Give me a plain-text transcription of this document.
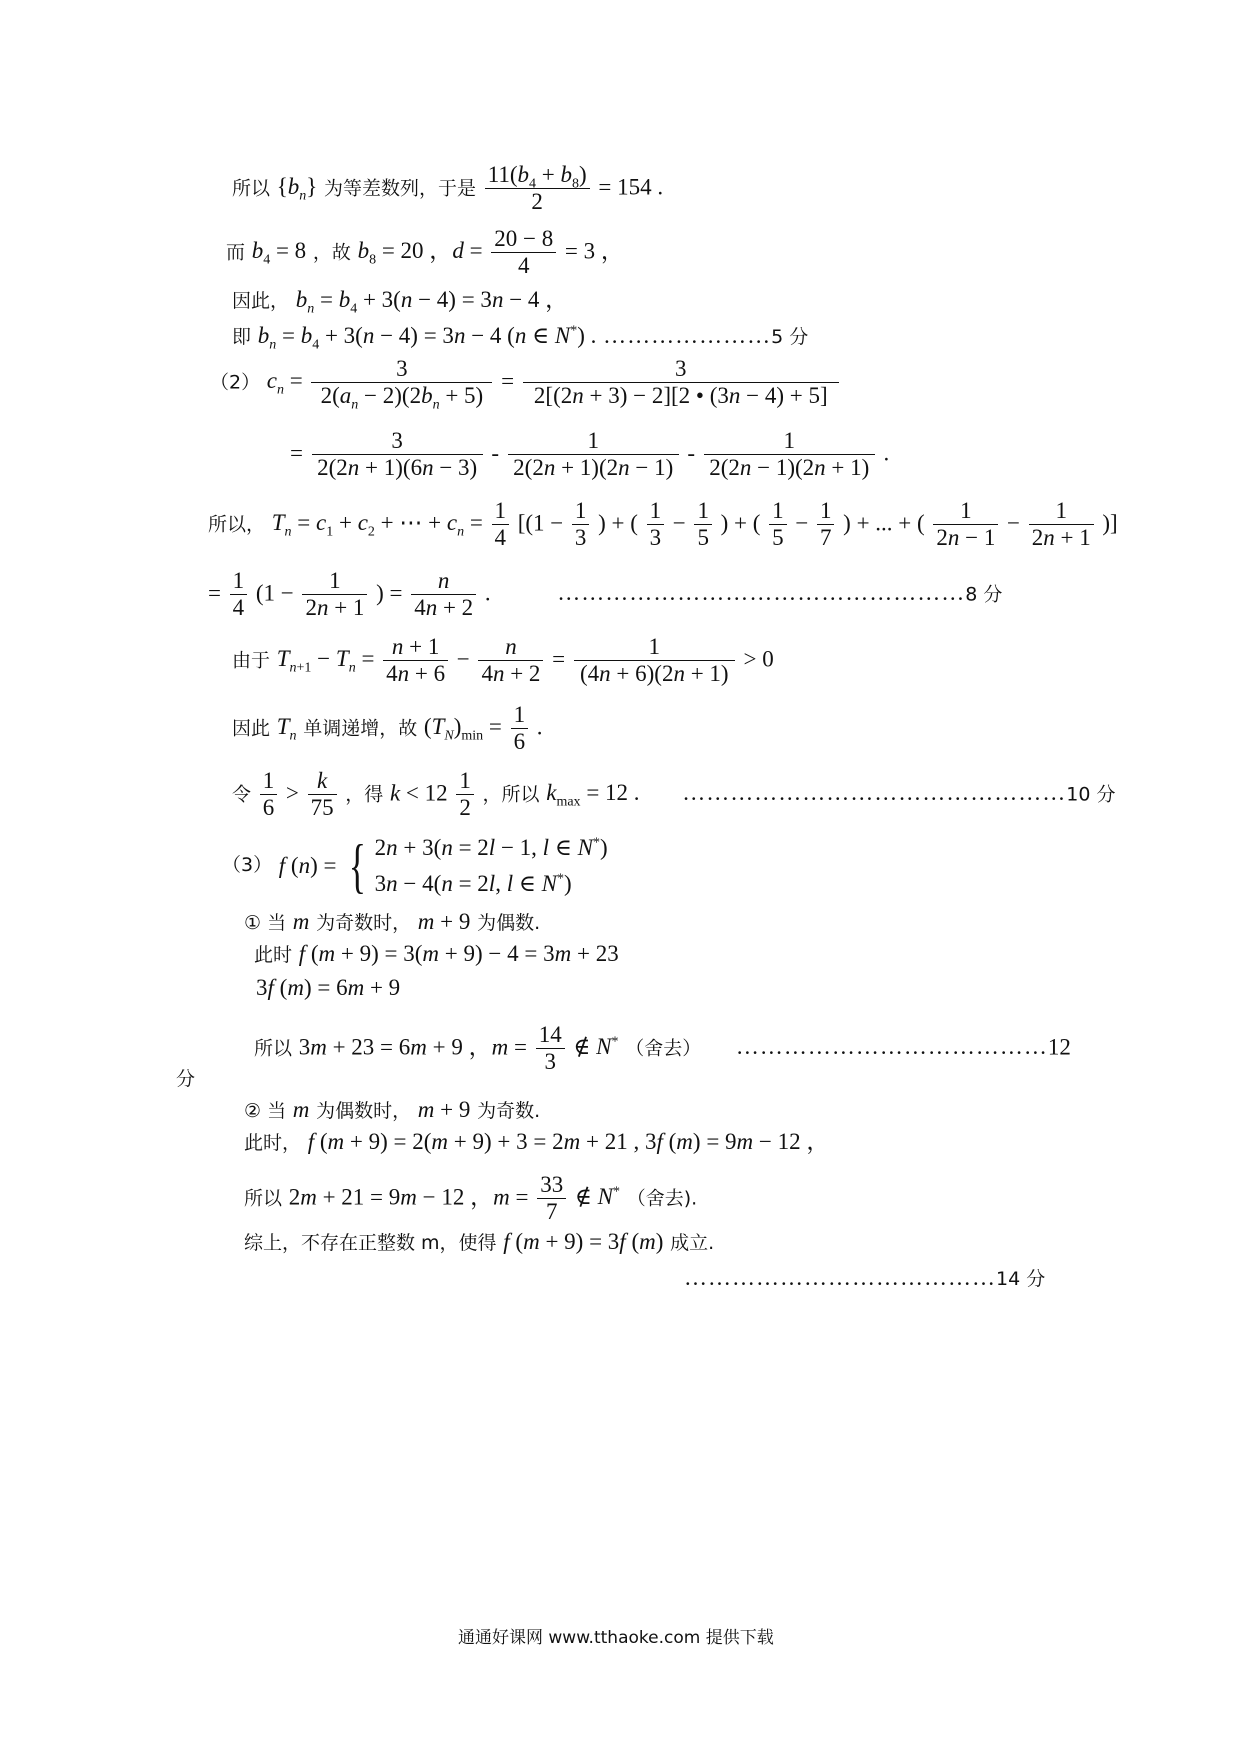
所以 $\{b_n\}$ 为等差数列，于是 $\frac{11(b_4 + b_8)}{2} = 154$ .
而 $b_4 = 8$ ，故 $b_8 = 20$ ，$d = \frac{20 - 8}{4} = 3$ ，
因此， $b_n = b_4 + 3(n - 4) = 3n - 4$ ，
即 $b_n = b_4 + 3(n - 4) = 3n - 4$ (n ∈ N*) . …………………5 分
（2） $c_n = \frac{3}{2(a_n - 2)(2b_n + 5)} = \frac{3}{2[(2n + 3) - 2][2 • (3n - 4) + 5]}$
= $\frac{3}{2(2n + 1)(6n - 3)} - \frac{1}{2(2n + 1)(2n - 1)} - \frac{1}{2(2n - 1)(2n + 1)}$ .
所以， $T_n = c_1 + c_2$ + ⋯ + $c_n = \frac{1}{4} [(1 - \frac{1}{3}$ ) + ( $\frac{1}{3} - \frac{1}{5}$ ) + ( $\frac{1}{5} - \frac{1}{7}$ ) + ... + ( $\frac{1}{2n - 1} - \frac{1}{2n + 1}$ )]
= $\frac{1}{4} (1 - \frac{1}{2n + 1}$ ) = $\frac{n}{4n + 2}$ .	……………………………………………8 分
由于 $T_{n+1} - T_n = \frac{n + 1}{4n + 6} - \frac{n}{4n + 2} = \frac{1}{(4n + 6)(2n + 1)} > 0$
因此 $T_n$ 单调递增，故 $(T_N)_{min} = \frac{1}{6}$ .
令 $\frac{1}{6} > \frac{k}{75}$ ，得 $k < 12 \frac{1}{2}$ ，所以 $k_{max} = 12$ . …………………………………………10 分
（3） f (n) = { 2n + 3(n = 2l − 1, l ∈ N*)
3n − 4(n = 2l, l ∈ N*)
① 当 m 为奇数时， m + 9 为偶数.
此时 f (m + 9) = 3(m + 9) − 4 = 3m + 23
3f (m) = 6m + 9
所以 3m + 23 = 6m + 9 ，$m = \frac{14}{3}$ ∉ N* （舍去） …………………………………12
分
② 当 m 为偶数时， m + 9 为奇数.
此时， f (m + 9) = 2(m + 9) + 3 = 2m + 21 , 3f (m) = 9m − 12 ，
所以 2m + 21 = 9m − 12 ，$m = \frac{33}{7}$ ∉ N* （舍去).
综上，不存在正整数 m，使得 f (m + 9) = 3f (m) 成立.
…………………………………14 分
通通好课网 www.tthaoke.com 提供下载
